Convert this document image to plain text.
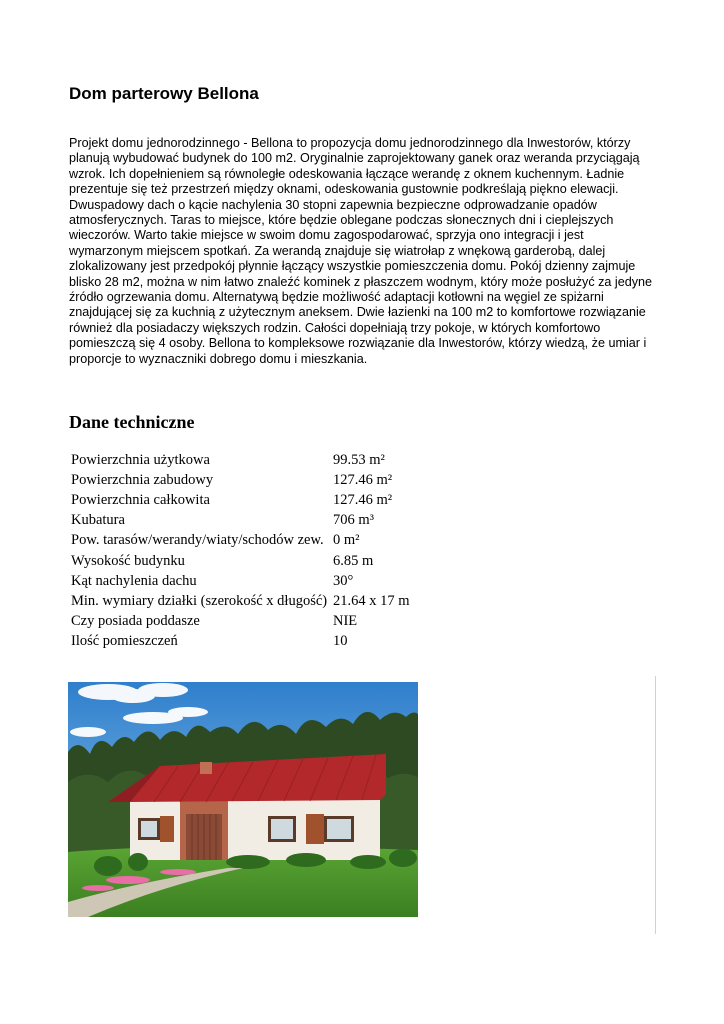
Dom parterowy Bellona

Projekt domu jednorodzinnego - Bellona to propozycja domu jednorodzinnego dla Inwestorów, którzy planują wybudować budynek do 100 m2. Oryginalnie zaprojektowany ganek oraz weranda przyciągają wzrok. Ich dopełnieniem są równoległe odeskowania łączące werandę z oknem kuchennym. Ładnie prezentuje się też przestrzeń między oknami, odeskowania gustownie podkreślają piękno elewacji. Dwuspadowy dach o kącie nachylenia 30 stopni zapewnia bezpieczne odprowadzanie opadów atmosferycznych. Taras to miejsce, które będzie oblegane podczas słonecznych dni i cieplejszych wieczorów. Warto takie miejsce w swoim domu zagospodarować, sprzyja ono integracji i jest wymarzonym miejscem spotkań. Za werandą znajduje się wiatrołap z wnękową garderobą, dalej zlokalizowany jest przedpokój płynnie łączący wszystkie pomieszczenia domu. Pokój dzienny zajmuje blisko 28 m2, można w nim łatwo znaleźć kominek z płaszczem wodnym, który może posłużyć za jedyne źródło ogrzewania domu. Alternatywą będzie możliwość adaptacji kotłowni na węgiel ze spiżarni znajdującej się za kuchnią z użytecznym aneksem. Dwie łazienki na 100 m2 to komfortowe rozwiązanie również dla posiadaczy większych rodzin. Całości dopełniają trzy pokoje, w których komfortowo pomieszczą się 4 osoby. Bellona to kompleksowe rozwiązanie dla Inwestorów, którzy wiedzą, że umiar i proporcje to wyznaczniki dobrego domu i mieszkania.

Dane techniczne
Powierzchnia użytkowa	99.53 m²
Powierzchnia zabudowy	127.46 m²
Powierzchnia całkowita	127.46 m²
Kubatura	706 m³
Pow. tarasów/werandy/wiaty/schodów zew.	0 m²
Wysokość budynku	6.85 m
Kąt nachylenia dachu	30°
Min. wymiary działki (szerokość x długość)	21.64 x 17 m
Czy posiada poddasze	NIE
Ilość pomieszczeń	10
